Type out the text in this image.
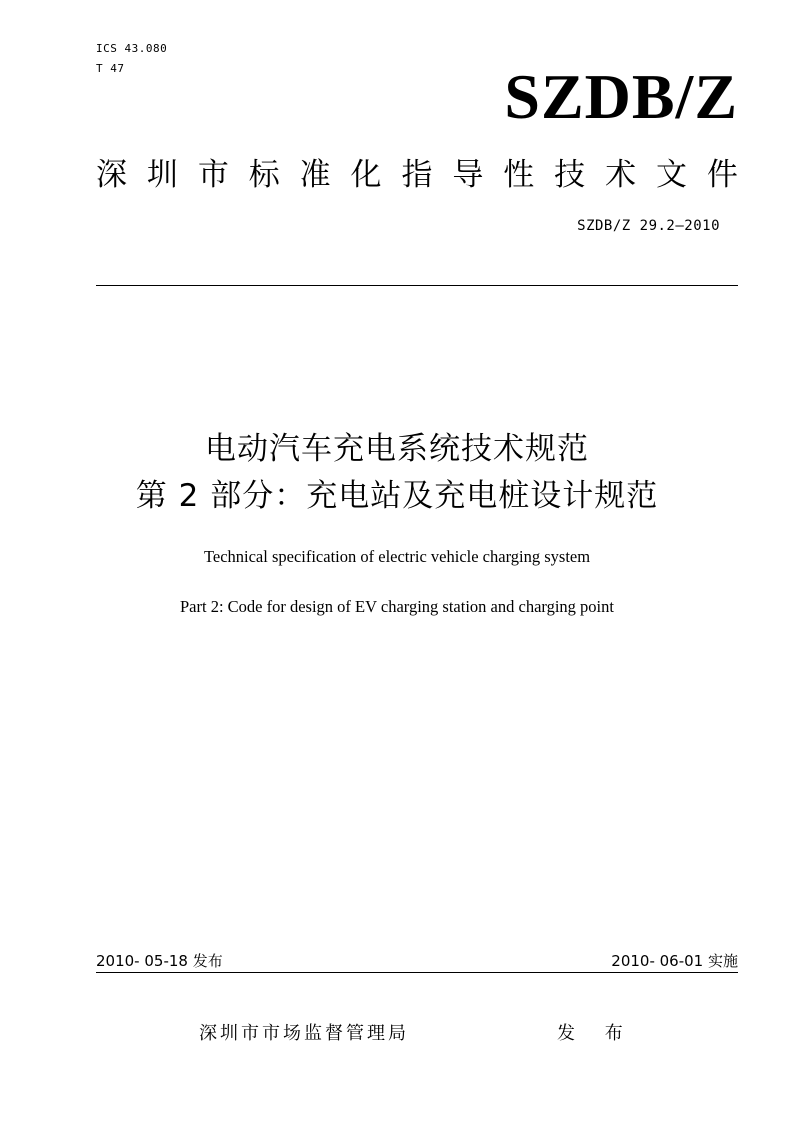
ICS 43.080
T 47	SZDB/Z
深 圳 市 标 准 化 指 导 性 技 术 文 件
SZDB/Z 29.2—2010
电动汽车充电系统技术规范
第 2 部分：充电站及充电桩设计规范
Technical specification of electric vehicle charging system
Part 2: Code for design of EV charging station and charging point
2010- 05-18 发布	2010- 06-01 实施
深圳市市场监督管理局	发 布
